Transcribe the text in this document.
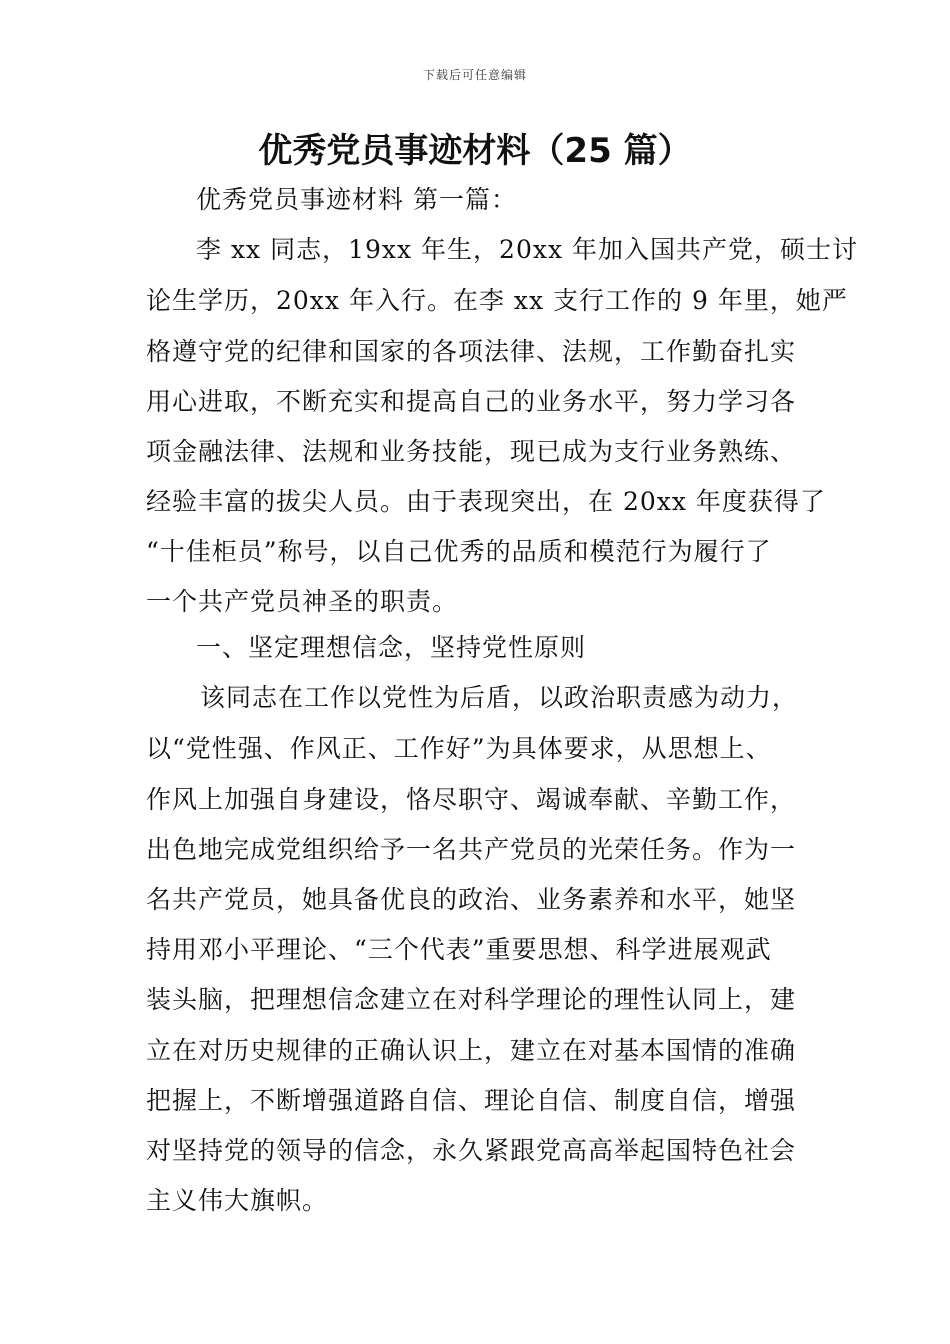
下载后可任意编辑
优秀党员事迹材料（25 篇）
优秀党员事迹材料 第一篇：
李 xx 同志，19xx 年生，20xx 年加入国共产党，硕士讨
论生学历，20xx 年入行。在李 xx 支行工作的 9 年里，她严
格遵守党的纪律和国家的各项法律、法规，工作勤奋扎实
用心进取，不断充实和提高自己的业务水平，努力学习各
项金融法律、法规和业务技能，现已成为支行业务熟练、
经验丰富的拔尖人员。由于表现突出，在 20xx 年度获得了
“十佳柜员”称号，以自己优秀的品质和模范行为履行了
一个共产党员神圣的职责。
一、坚定理想信念，坚持党性原则
该同志在工作以党性为后盾，以政治职责感为动力，
以“党性强、作风正、工作好”为具体要求，从思想上、
作风上加强自身建设，恪尽职守、竭诚奉献、辛勤工作，
出色地完成党组织给予一名共产党员的光荣任务。作为一
名共产党员，她具备优良的政治、业务素养和水平，她坚
持用邓小平理论、“三个代表”重要思想、科学进展观武
装头脑，把理想信念建立在对科学理论的理性认同上，建
立在对历史规律的正确认识上，建立在对基本国情的准确
把握上，不断增强道路自信、理论自信、制度自信，增强
对坚持党的领导的信念，永久紧跟党高高举起国特色社会
主义伟大旗帜。
